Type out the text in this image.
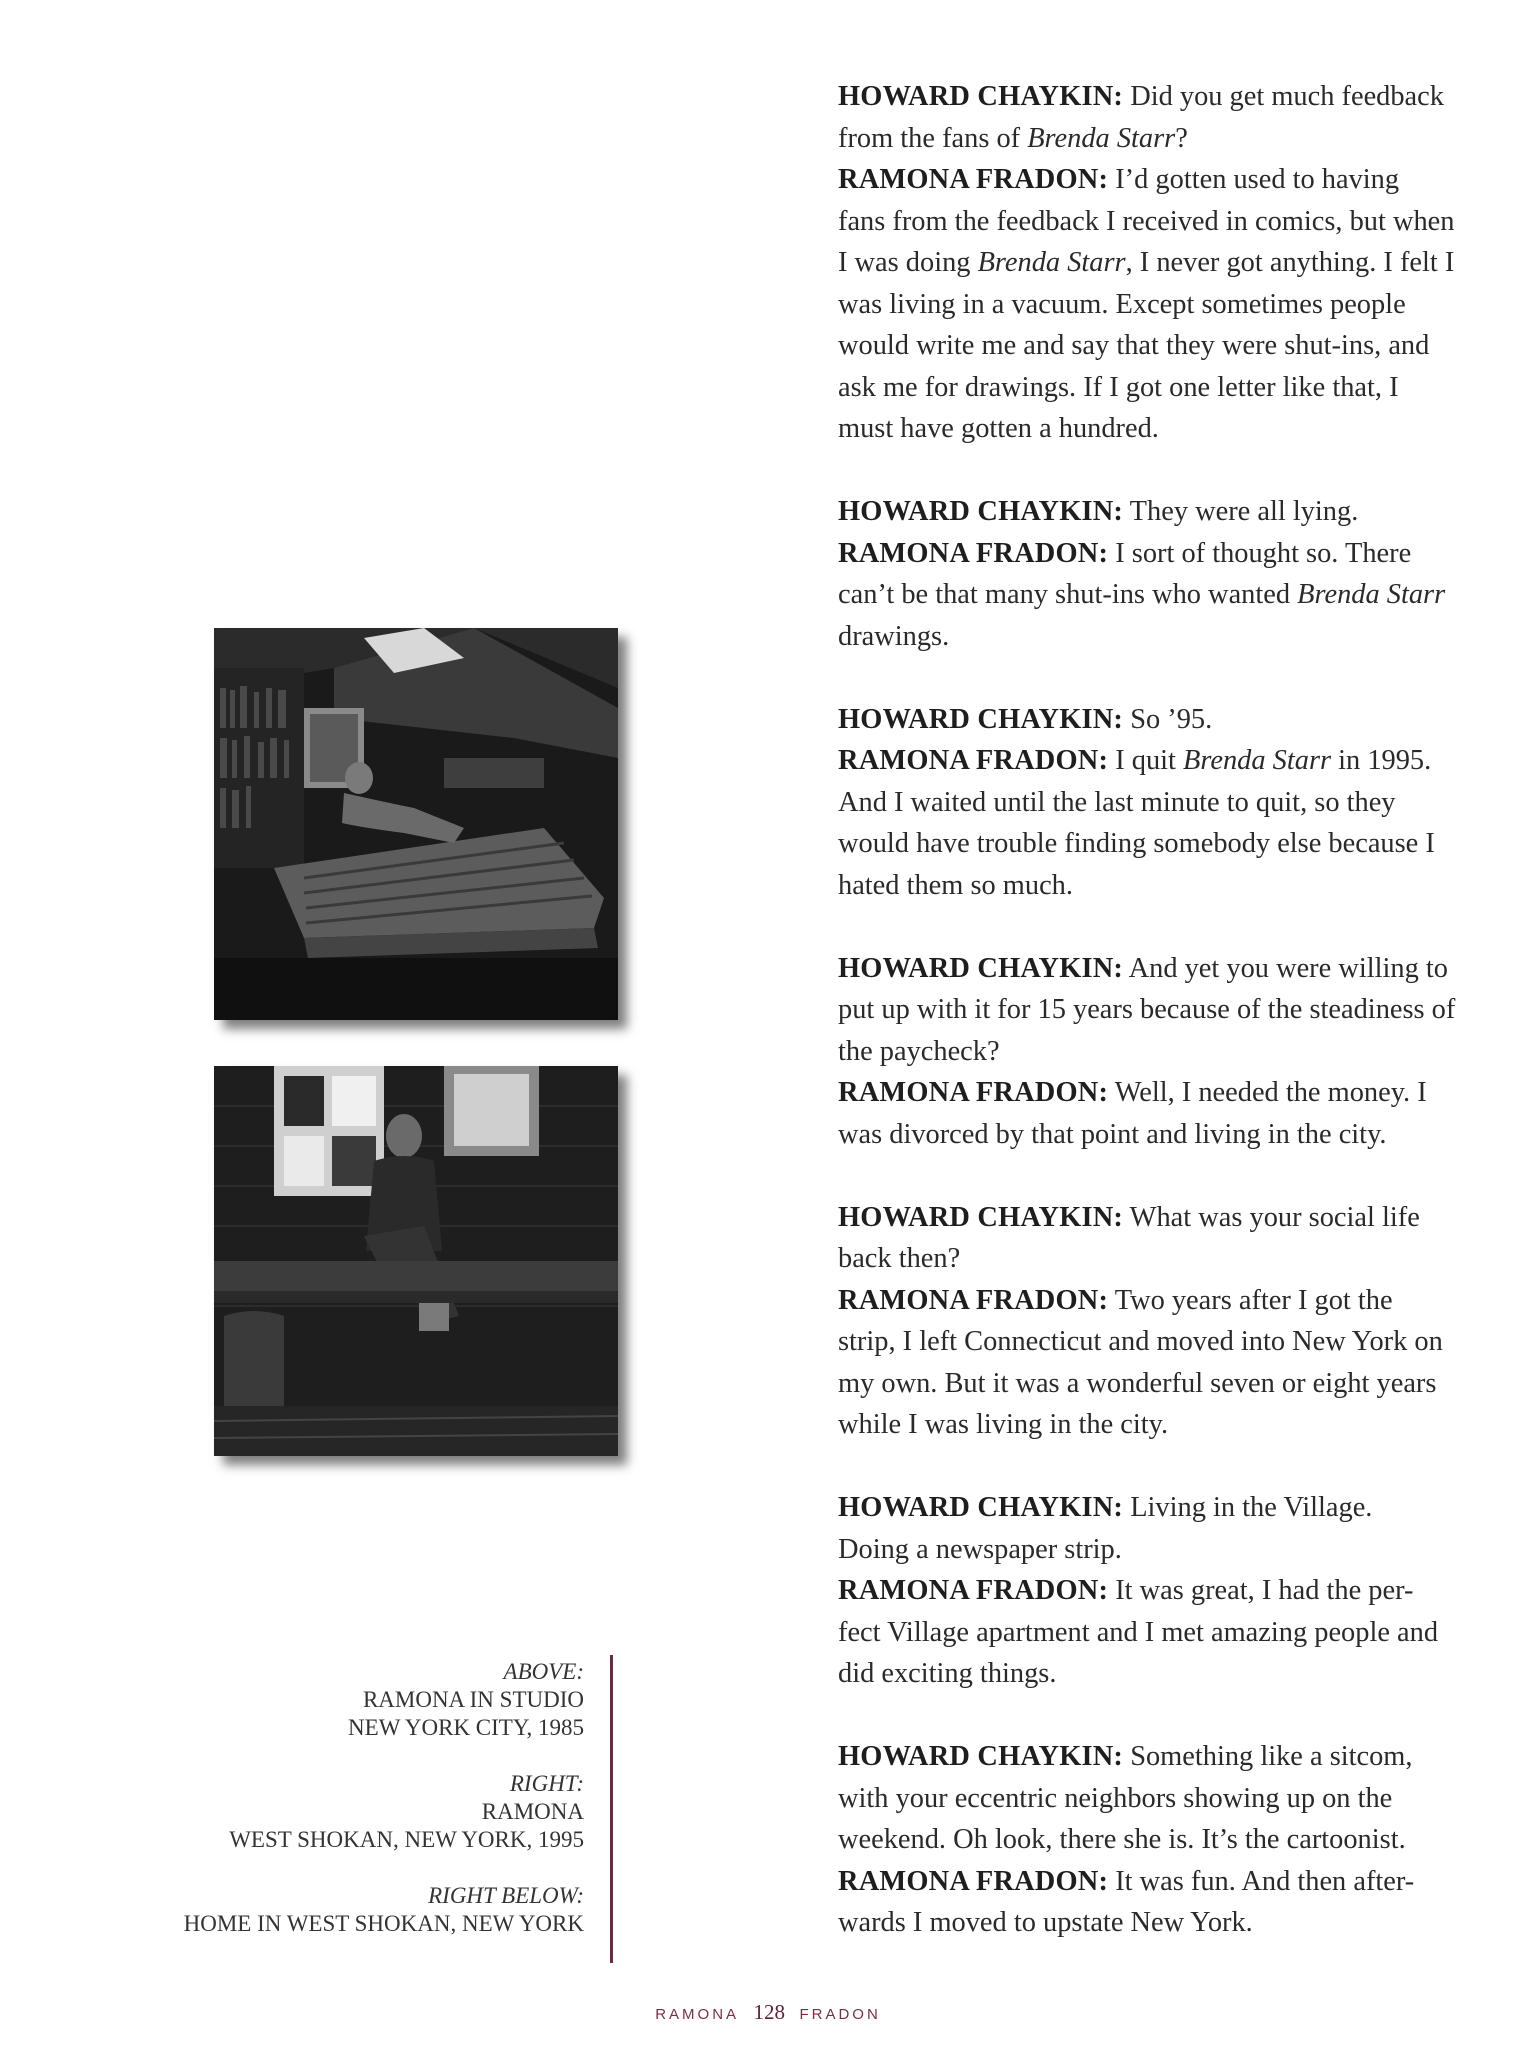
HOWARD CHAYKIN: Did you get much feedback
from the fans of Brenda Starr?
RAMONA FRADON: I’d gotten used to having
fans from the feedback I received in comics, but when
I was doing Brenda Starr, I never got anything. I felt I
was living in a vacuum. Except sometimes people
would write me and say that they were shut-ins, and
ask me for drawings. If I got one letter like that, I
must have gotten a hundred.
HOWARD CHAYKIN: They were all lying.
RAMONA FRADON: I sort of thought so. There
can’t be that many shut-ins who wanted Brenda Starr
drawings.
HOWARD CHAYKIN: So ’95.
RAMONA FRADON: I quit Brenda Starr in 1995.
And I waited until the last minute to quit, so they
would have trouble finding somebody else because I
hated them so much.
HOWARD CHAYKIN: And yet you were willing to
put up with it for 15 years because of the steadiness of
the paycheck?
RAMONA FRADON: Well, I needed the money. I
was divorced by that point and living in the city.
HOWARD CHAYKIN: What was your social life
back then?
RAMONA FRADON: Two years after I got the
strip, I left Connecticut and moved into New York on
my own. But it was a wonderful seven or eight years
while I was living in the city.
HOWARD CHAYKIN: Living in the Village.
Doing a newspaper strip.
RAMONA FRADON: It was great, I had the per-
fect Village apartment and I met amazing people and
did exciting things.
HOWARD CHAYKIN: Something like a sitcom,
with your eccentric neighbors showing up on the
weekend. Oh look, there she is. It’s the cartoonist.
RAMONA FRADON: It was fun. And then after-
wards I moved to upstate New York.
ABOVE:
RAMONA IN STUDIO
NEW YORK CITY, 1985
RIGHT:
RAMONA
WEST SHOKAN, NEW YORK, 1995
RIGHT BELOW:
HOME IN WEST SHOKAN, NEW YORK
RAMONA 128 FRADON
